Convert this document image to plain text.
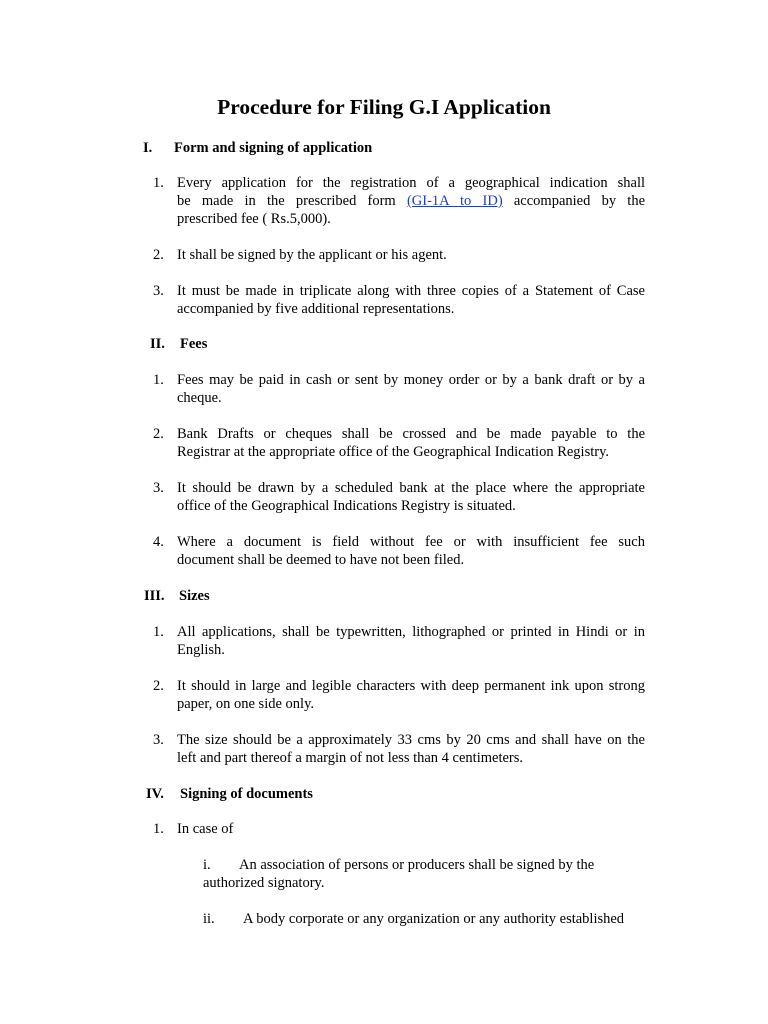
Procedure for Filing G.I Application
I. Form and signing of application
1. Every application for the registration of a geographical indication shall
be made in the prescribed form (GI-1A to ID) accompanied by the
prescribed fee ( Rs.5,000).
2. It shall be signed by the applicant or his agent.
3. It must be made in triplicate along with three copies of a Statement of Case
accompanied by five additional representations.
II. Fees
1. Fees may be paid in cash or sent by money order or by a bank draft or by a
cheque.
2. Bank Drafts or cheques shall be crossed and be made payable to the
Registrar at the appropriate office of the Geographical Indication Registry.
3. It should be drawn by a scheduled bank at the place where the appropriate
office of the Geographical Indications Registry is situated.
4. Where a document is field without fee or with insufficient fee such
document shall be deemed to have not been filed.
III. Sizes
1. All applications, shall be typewritten, lithographed or printed in Hindi or in
English.
2. It should in large and legible characters with deep permanent ink upon strong
paper, on one side only.
3. The size should be a approximately 33 cms by 20 cms and shall have on the
left and part thereof a margin of not less than 4 centimeters.
IV. Signing of documents
1. In case of
i. An association of persons or producers shall be signed by the
authorized signatory.
ii. A body corporate or any organization or any authority established
